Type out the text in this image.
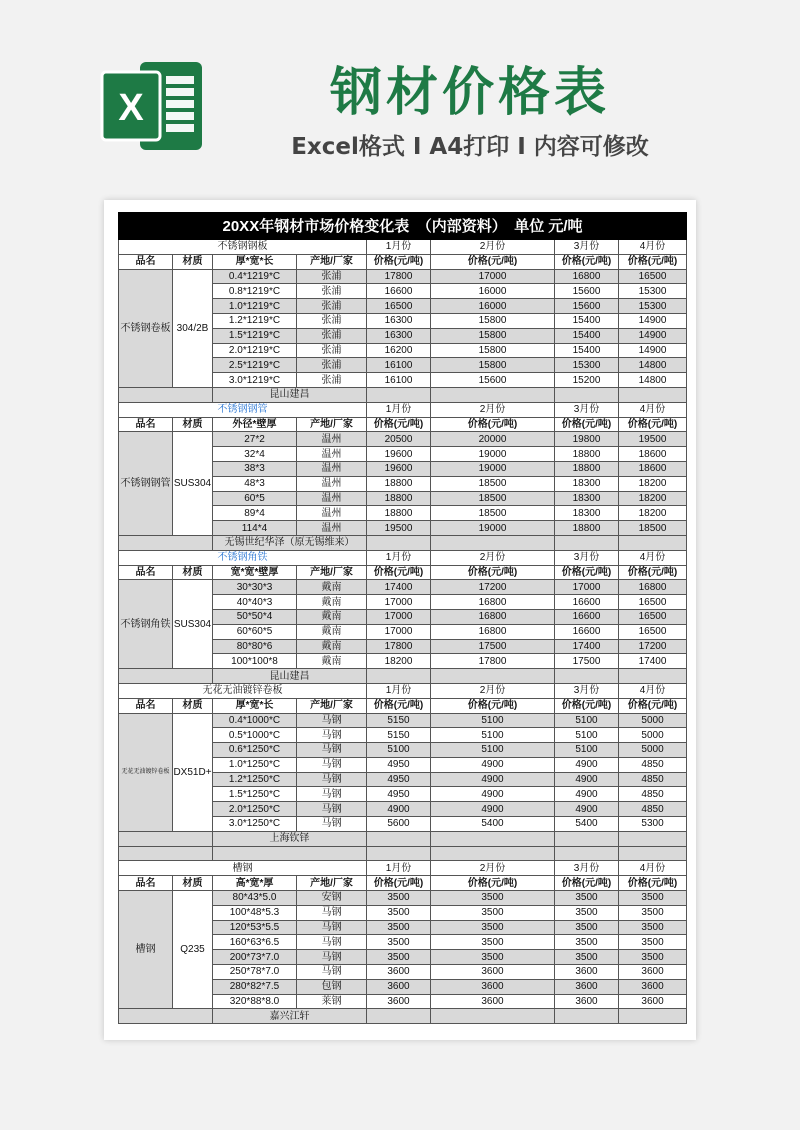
X	钢材价格表
Excel格式 I A4打印 I 内容可修改
20XX年钢材市场价格变化表　（内部资料）　单位 元/吨							
不锈钢钢板				1月份	2月份	3月份	4月份
品名	材质	厚*宽*长	产地/厂家	价格(元/吨)	价格(元/吨)	价格(元/吨)	价格(元/吨)
不锈钢卷板	304/2B	0.4*1219*C	张浦	17800	17000	16800	16500
		0.8*1219*C	张浦	16600	16000	15600	15300
		1.0*1219*C	张浦	16500	16000	15600	15300
		1.2*1219*C	张浦	16300	15800	15400	14900
		1.5*1219*C	张浦	16300	15800	15400	14900
		2.0*1219*C	张浦	16200	15800	15400	14900
		2.5*1219*C	张浦	16100	15800	15300	14800
		3.0*1219*C	张浦	16100	15600	15200	14800
		昆山建昌					
不锈钢钢管				1月份	2月份	3月份	4月份
品名	材质	外径*壁厚	产地/厂家	价格(元/吨)	价格(元/吨)	价格(元/吨)	价格(元/吨)
不锈钢钢管	SUS304	27*2	温州	20500	20000	19800	19500
		32*4	温州	19600	19000	18800	18600
		38*3	温州	19600	19000	18800	18600
		48*3	温州	18800	18500	18300	18200
		60*5	温州	18800	18500	18300	18200
		89*4	温州	18800	18500	18300	18200
		114*4	温州	19500	19000	18800	18500
		无锡世纪华泽（原无锡维来）					
不锈钢角铁				1月份	2月份	3月份	4月份
品名	材质	宽*宽*壁厚	产地/厂家	价格(元/吨)	价格(元/吨)	价格(元/吨)	价格(元/吨)
不锈钢角铁	SUS304	30*30*3	戴南	17400	17200	17000	16800
		40*40*3	戴南	17000	16800	16600	16500
		50*50*4	戴南	17000	16800	16600	16500
		60*60*5	戴南	17000	16800	16600	16500
		80*80*6	戴南	17800	17500	17400	17200
		100*100*8	戴南	18200	17800	17500	17400
		昆山建昌					
无花无油镀锌卷板				1月份	2月份	3月份	4月份
品名	材质	厚*宽*长	产地/厂家	价格(元/吨)	价格(元/吨)	价格(元/吨)	价格(元/吨)
无花无油镀锌卷板	DX51D+	0.4*1000*C	马钢	5150	5100	5100	5000
		0.5*1000*C	马钢	5150	5100	5100	5000
		0.6*1250*C	马钢	5100	5100	5100	5000
		1.0*1250*C	马钢	4950	4900	4900	4850
		1.2*1250*C	马钢	4950	4900	4900	4850
		1.5*1250*C	马钢	4950	4900	4900	4850
		2.0*1250*C	马钢	4900	4900	4900	4850
		3.0*1250*C	马钢	5600	5400	5400	5300
		上海钦铎					

槽钢				1月份	2月份	3月份	4月份
品名	材质	高*宽*厚	产地/厂家	价格(元/吨)	价格(元/吨)	价格(元/吨)	价格(元/吨)
槽钢	Q235	80*43*5.0	安钢	3500	3500	3500	3500
		100*48*5.3	马钢	3500	3500	3500	3500
		120*53*5.5	马钢	3500	3500	3500	3500
		160*63*6.5	马钢	3500	3500	3500	3500
		200*73*7.0	马钢	3500	3500	3500	3500
		250*78*7.0	马钢	3600	3600	3600	3600
		280*82*7.5	包钢	3600	3600	3600	3600
		320*88*8.0	莱钢	3600	3600	3600	3600
		嘉兴江轩					
